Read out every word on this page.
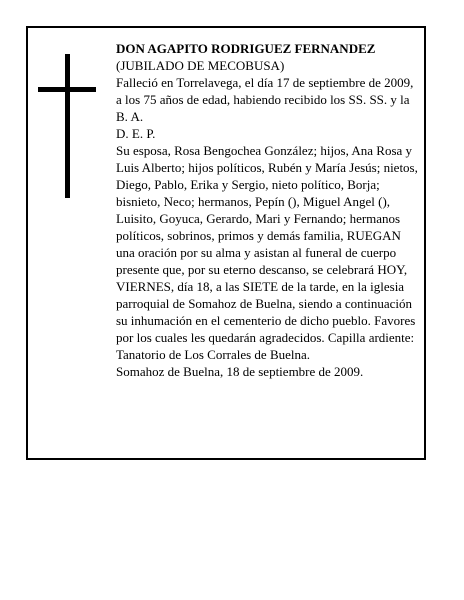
DON AGAPITO RODRIGUEZ FERNANDEZ

(JUBILADO DE MECOBUSA)

Falleció en Torrelavega, el día 17 de septiembre de 2009,

a los 75 años de edad, habiendo recibido los SS. SS. y la B. A.

D. E. P.

Su esposa, Rosa Bengochea González; hijos, Ana Rosa y Luis Alberto; hijos políticos, Rubén y María Jesús; nietos, Diego, Pablo, Erika y Sergio, nieto político, Borja; bisnieto, Neco; hermanos, Pepín (), Miguel Angel (), Luisito, Goyuca, Gerardo, Mari y Fernando; hermanos políticos, sobrinos, primos y demás familia, RUEGAN una oración por su alma y asistan al funeral de cuerpo presente que, por su eterno descanso, se celebrará HOY, VIERNES, día 18, a las SIETE de la tarde, en la iglesia parroquial de Somahoz de Buelna, siendo a continuación su inhumación en el cementerio de dicho pueblo. Favores por los cuales les quedarán agradecidos. Capilla ardiente: Tanatorio de Los Corrales de Buelna.

Somahoz de Buelna, 18 de septiembre de 2009.
